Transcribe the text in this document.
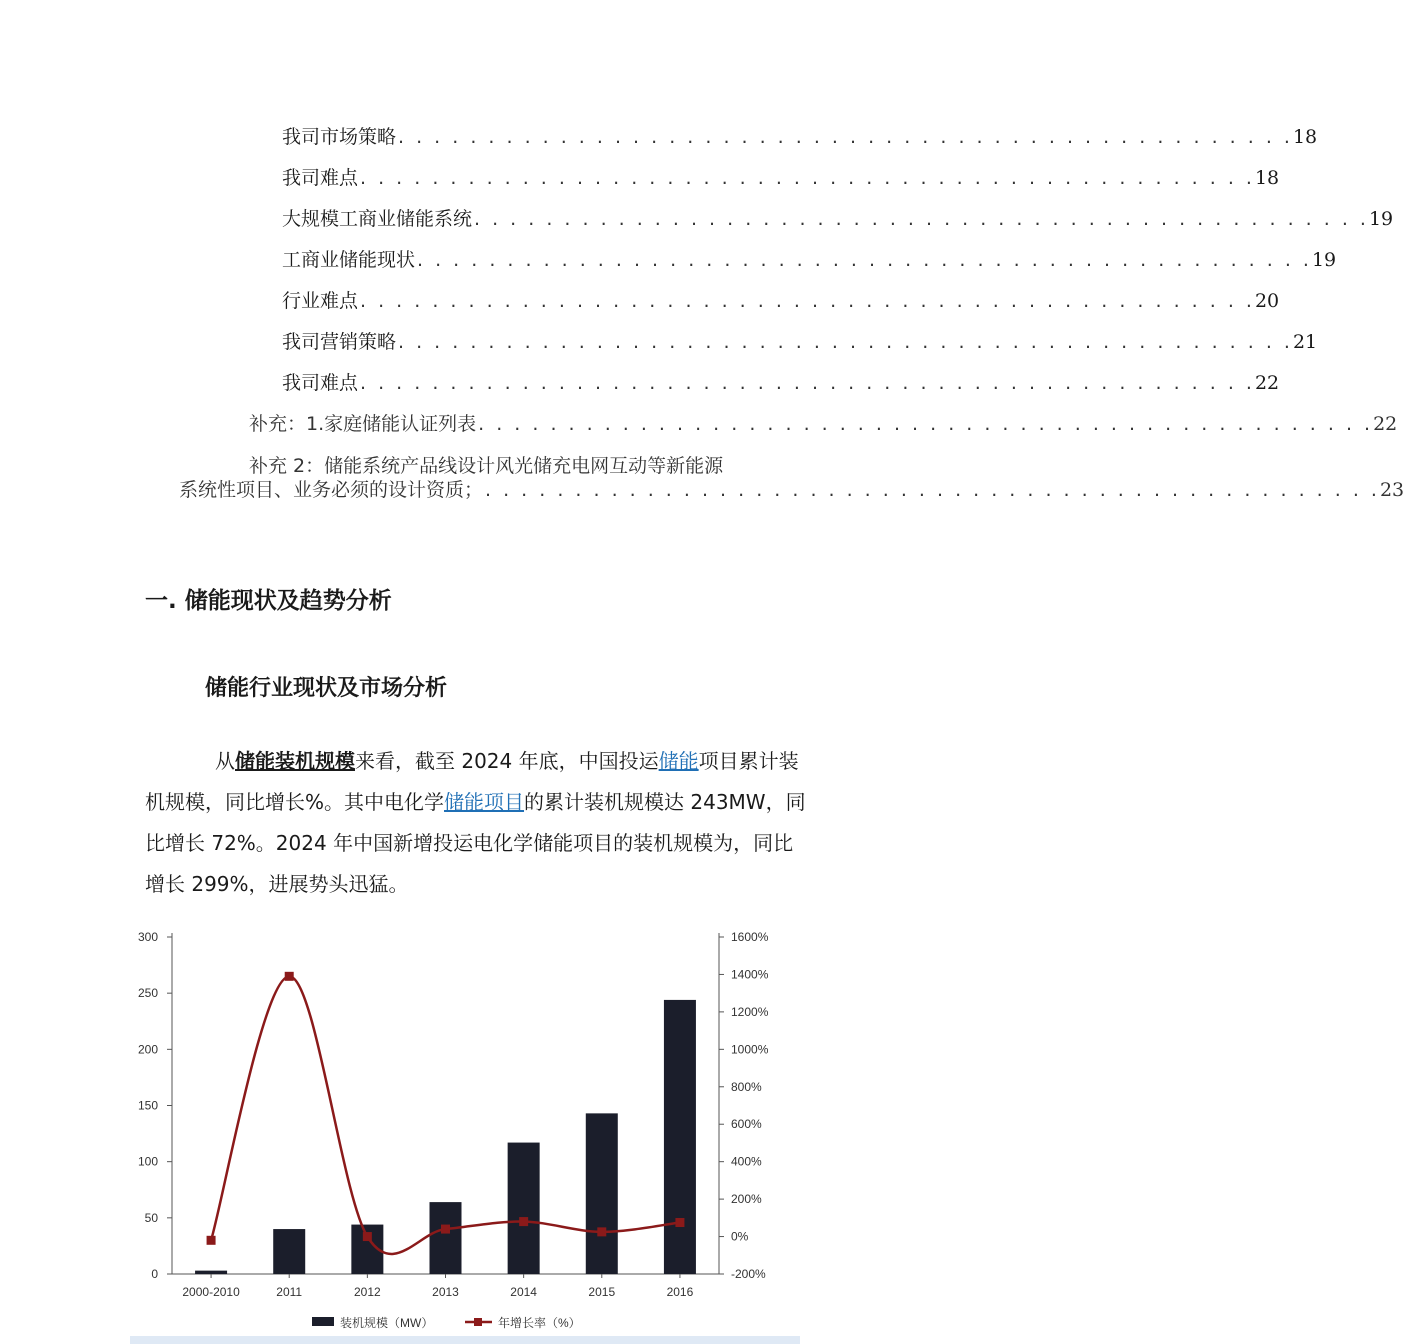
我司市场策略 . . . . . . . . . . . . . . . . . . . . . . . . . . . . . . . . . . . . . . . . . . . . . . . . . . 18
我司难点 . . . . . . . . . . . . . . . . . . . . . . . . . . . . . . . . . . . . . . . . . . . . . . . . . . 18
大规模工商业储能系统 . . . . . . . . . . . . . . . . . . . . . . . . . . . . . . . . . . . . . . . . . . . . . . . . . . 19
工商业储能现状 . . . . . . . . . . . . . . . . . . . . . . . . . . . . . . . . . . . . . . . . . . . . . . . . . . 19
行业难点 . . . . . . . . . . . . . . . . . . . . . . . . . . . . . . . . . . . . . . . . . . . . . . . . . . 20
我司营销策略 . . . . . . . . . . . . . . . . . . . . . . . . . . . . . . . . . . . . . . . . . . . . . . . . . . 21
我司难点 . . . . . . . . . . . . . . . . . . . . . . . . . . . . . . . . . . . . . . . . . . . . . . . . . . 22
补充：1.家庭储能认证列表 . . . . . . . . . . . . . . . . . . . . . . . . . . . . . . . . . . . . . . . . . . . . . . . . . . 22
补充 2：储能系统产品线设计风光储充电网互动等新能源
系统性项目、业务必须的设计资质； . . . . . . . . . . . . . . . . . . . . . . . . . . . . . . . . . . . . . . . . . . . . . . . . . . 23
一. 储能现状及趋势分析
储能行业现状及市场分析

从储能装机规模来看，截至 2024 年底，中国投运储能项目累计装机规模，同比增长%。其中电化学储能项目的累计装机规模达 243MW，同比增长 72%。2024 年中国新增投运电化学储能项目的装机规模为，同比增长 299%，进展势头迅猛。

0
50
100
150
200
250
300
-200%
0%
200%
400%
600%
800%
1000%
1200%
1400%
1600%
2000-2010	2011	2012	2013	2014	2015	2016
装机规模（MW）	年增长率（%）
